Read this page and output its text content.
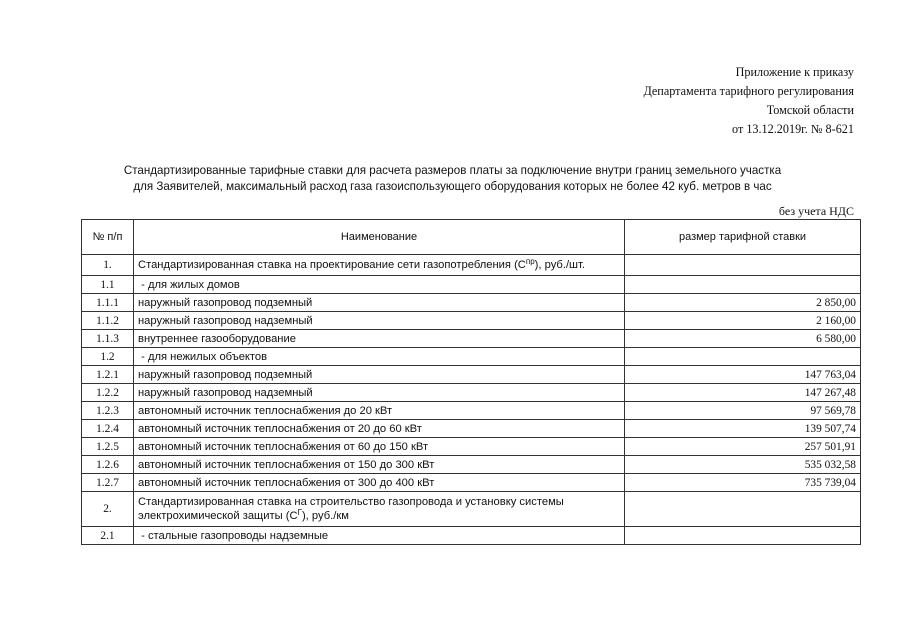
Приложение к приказу
Департамента тарифного регулирования
Томской области
от 13.12.2019г. № 8-621
Стандартизированные тарифные ставки для расчета размеров платы за подключение внутри границ земельного участка
для Заявителей, максимальный расход газа газоиспользующего оборудования которых не более 42 куб. метров в час
без учета НДС
№ п/п	Наименование	размер тарифной ставки
1.	Стандартизированная ставка на проектирование сети газопотребления $(C^{пр})$, руб./шт.	
1.1	- для жилых домов	
1.1.1	наружный газопровод подземный	2 850,00
1.1.2	наружный газопровод надземный	2 160,00
1.1.3	внутреннее газооборудование	6 580,00
1.2	- для нежилых объектов	
1.2.1	наружный газопровод подземный	147 763,04
1.2.2	наружный газопровод надземный	147 267,48
1.2.3	автономный источник теплоснабжения до 20 кВт	97 569,78
1.2.4	автономный источник теплоснабжения от 20 до 60 кВт	139 507,74
1.2.5	автономный источник теплоснабжения от 60 до 150 кВт	257 501,91
1.2.6	автономный источник теплоснабжения от 150 до 300 кВт	535 032,58
1.2.7	автономный источник теплоснабжения от 300 до 400 кВт	735 739,04
2.	Стандартизированная ставка на строительство газопровода и установку системы
электрохимической защиты $(C^Г)$, руб./км	

2.1	- стальные газопроводы надземные	
